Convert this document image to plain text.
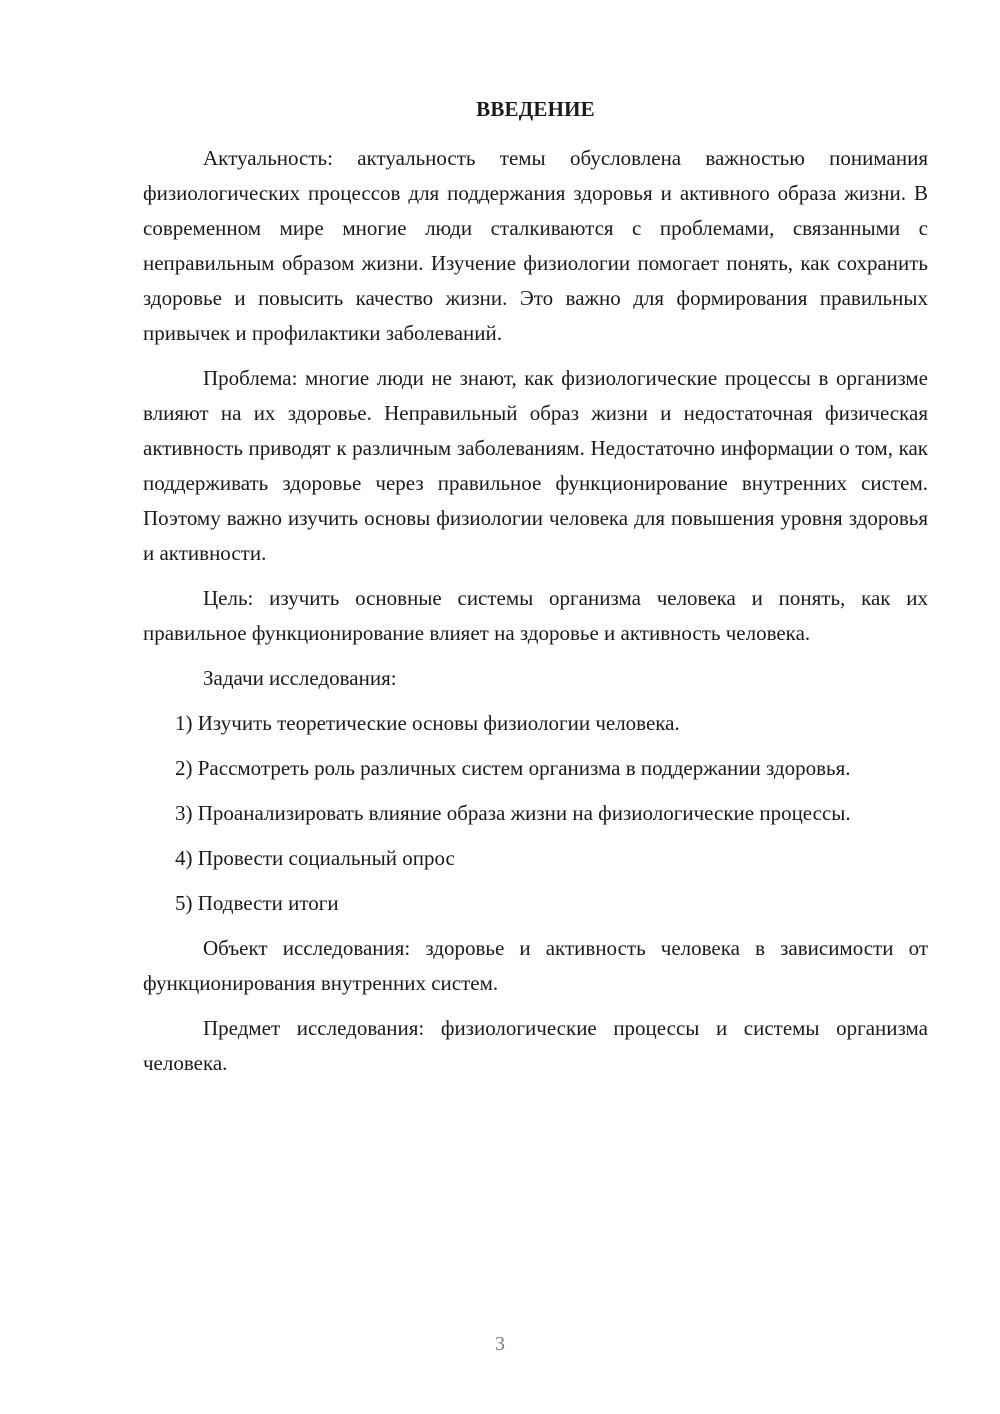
ВВЕДЕНИЕ

Актуальность: актуальность темы обусловлена важностью понимания физиологических процессов для поддержания здоровья и активного образа жизни. В современном мире многие люди сталкиваются с проблемами, связанными с неправильным образом жизни. Изучение физиологии помогает понять, как сохранить здоровье и повысить качество жизни. Это важно для формирования правильных привычек и профилактики заболеваний.

Проблема: многие люди не знают, как физиологические процессы в организме влияют на их здоровье. Неправильный образ жизни и недостаточная физическая активность приводят к различным заболеваниям. Недостаточно информации о том, как поддерживать здоровье через правильное функционирование внутренних систем. Поэтому важно изучить основы физиологии человека для повышения уровня здоровья и активности.

Цель: изучить основные системы организма человека и понять, как их правильное функционирование влияет на здоровье и активность человека.

Задачи исследования:

1) Изучить теоретические основы физиологии человека.

2) Рассмотреть роль различных систем организма в поддержании здоровья.

3) Проанализировать влияние образа жизни на физиологические процессы.

4) Провести социальный опрос

5) Подвести итоги

Объект исследования: здоровье и активность человека в зависимости от функционирования внутренних систем.

Предмет исследования: физиологические процессы и системы организма человека.

3
